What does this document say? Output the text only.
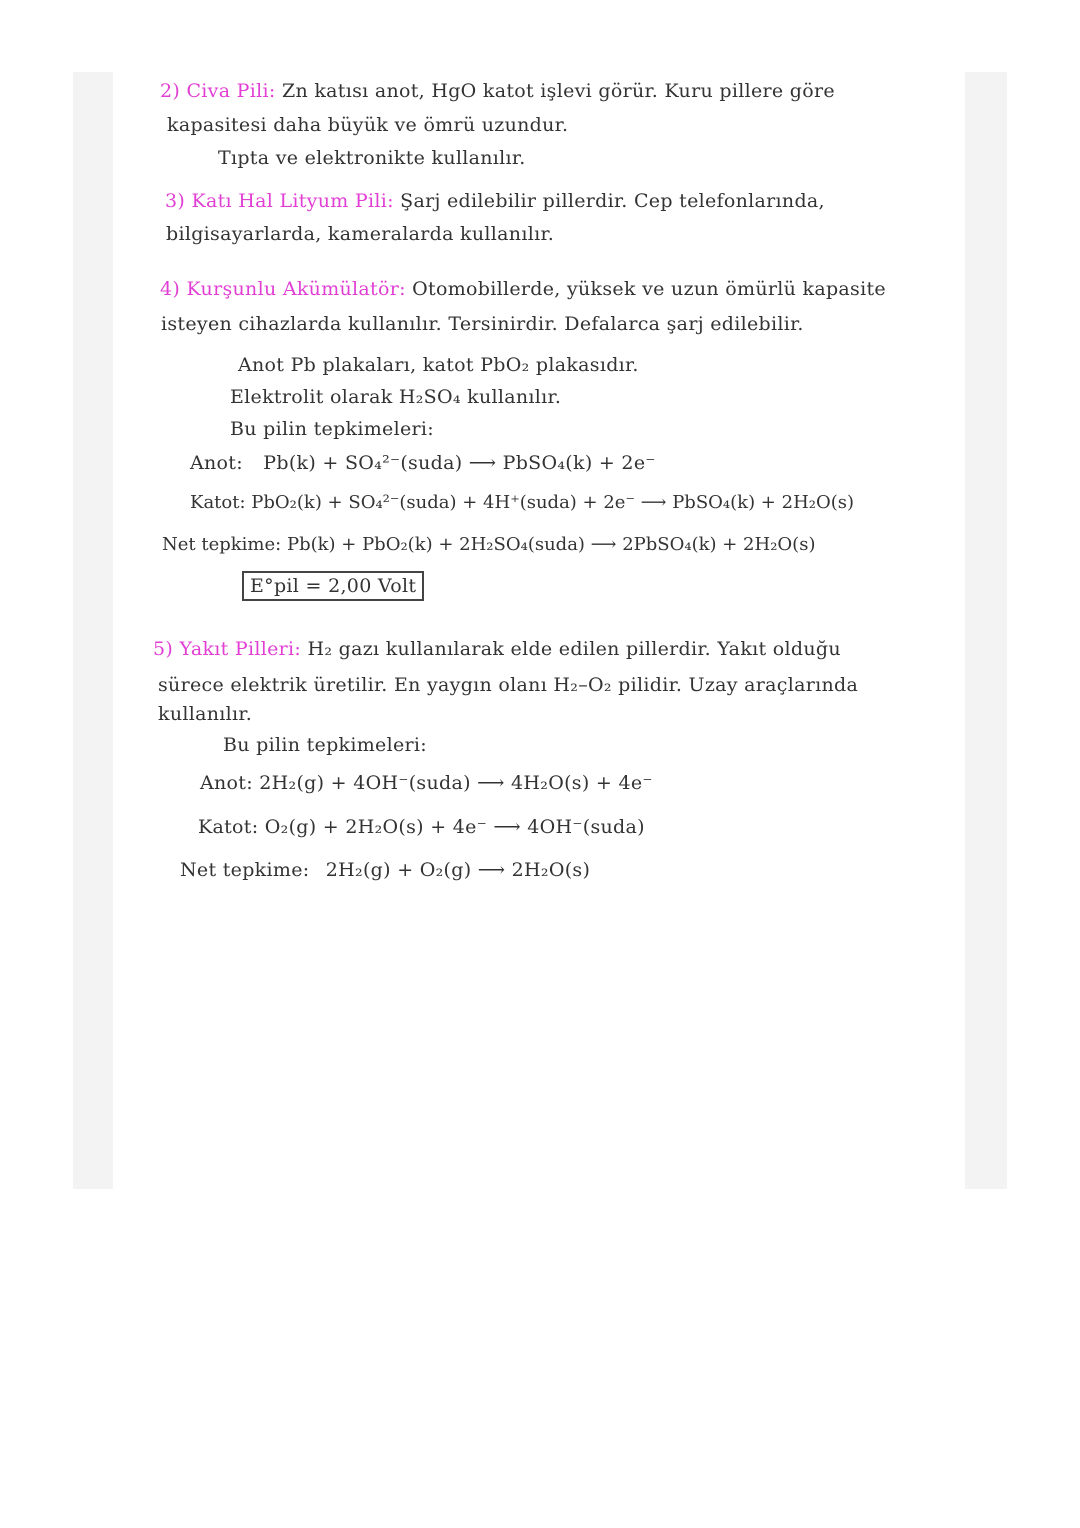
2) Civa Pili: Zn katısı anot, HgO katot işlevi görür. Kuru pillere göre
kapasitesi daha büyük ve ömrü uzundur.
Tıpta ve elektronikte kullanılır.
3) Katı Hal Lityum Pili: Şarj edilebilir pillerdir. Cep telefonlarında,
bilgisayarlarda, kameralarda kullanılır.
4) Kurşunlu Akümülatör: Otomobillerde, yüksek ve uzun ömürlü kapasite
isteyen cihazlarda kullanılır. Tersinirdir. Defalarca şarj edilebilir.
Anot Pb plakaları, katot PbO₂ plakasıdır.
Elektrolit olarak H₂SO₄ kullanılır.
Bu pilin tepkimeleri:
Anot: Pb(k) + SO₄²⁻(suda) ⟶ PbSO₄(k) + 2e⁻
Katot: PbO₂(k) + SO₄²⁻(suda) + 4H⁺(suda) + 2e⁻ ⟶ PbSO₄(k) + 2H₂O(s)
Net tepkime: Pb(k) + PbO₂(k) + 2H₂SO₄(suda) ⟶ 2PbSO₄(k) + 2H₂O(s)
E°pil = 2,00 Volt
5) Yakıt Pilleri: H₂ gazı kullanılarak elde edilen pillerdir. Yakıt olduğu
sürece elektrik üretilir. En yaygın olanı H₂–O₂ pilidir. Uzay araçlarında
kullanılır.
Bu pilin tepkimeleri:
Anot: 2H₂(g) + 4OH⁻(suda) ⟶ 4H₂O(s) + 4e⁻
Katot: O₂(g) + 2H₂O(s) + 4e⁻ ⟶ 4OH⁻(suda)
Net tepkime: 2H₂(g) + O₂(g) ⟶ 2H₂O(s)
